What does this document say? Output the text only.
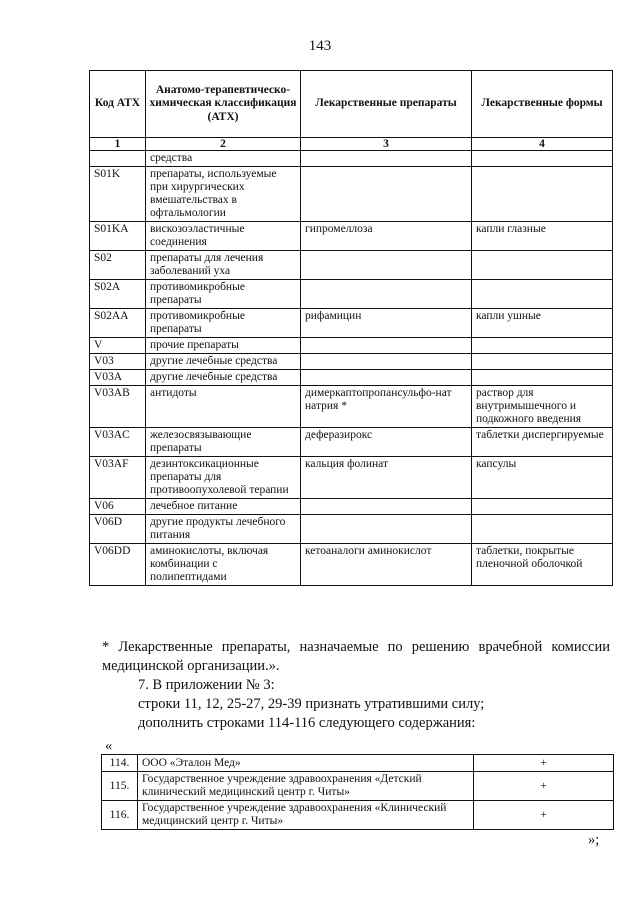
143
Код АТХ	Анатомо-терапевтическо-химическая классификация (АТХ)	Лекарственные препараты	Лекарственные формы
1	2	3	4
	средства		
S01K	препараты, используемые при хирургических вмешательствах в офтальмологии		
S01KA	вискозоэластичные соединения	гипромеллоза	капли глазные
S02	препараты для лечения заболеваний уха		
S02A	противомикробные препараты		
S02AA	противомикробные препараты	рифамицин	капли ушные
V	прочие препараты		
V03	другие лечебные средства		
V03A	другие лечебные средства		
V03AB	антидоты	димеркаптопропансульфо-нат натрия *	раствор для внутримышечного и подкожного введения
V03AC	железосвязывающие препараты	деферазирокс	таблетки диспергируемые
V03AF	дезинтоксикационные препараты для противоопухолевой терапии	кальция фолинат	капсулы
V06	лечебное питание		
V06D	другие продукты лечебного питания		
V06DD	аминокислоты, включая комбинации с полипептидами	кетоаналоги аминокислот	таблетки, покрытые пленочной оболочкой
* Лекарственные препараты, назначаемые по решению врачебной комиссии медицинской организации.».
7. В приложении № 3:
строки 11, 12, 25-27, 29-39 признать утратившими силу;
дополнить строками 114-116 следующего содержания:
«
114.	ООО «Эталон Мед»	+
115.	Государственное учреждение здравоохранения «Детский клинический медицинский центр г. Читы»	+
116.	Государственное учреждение здравоохранения «Клинический медицинский центр г. Читы»	+
»;
